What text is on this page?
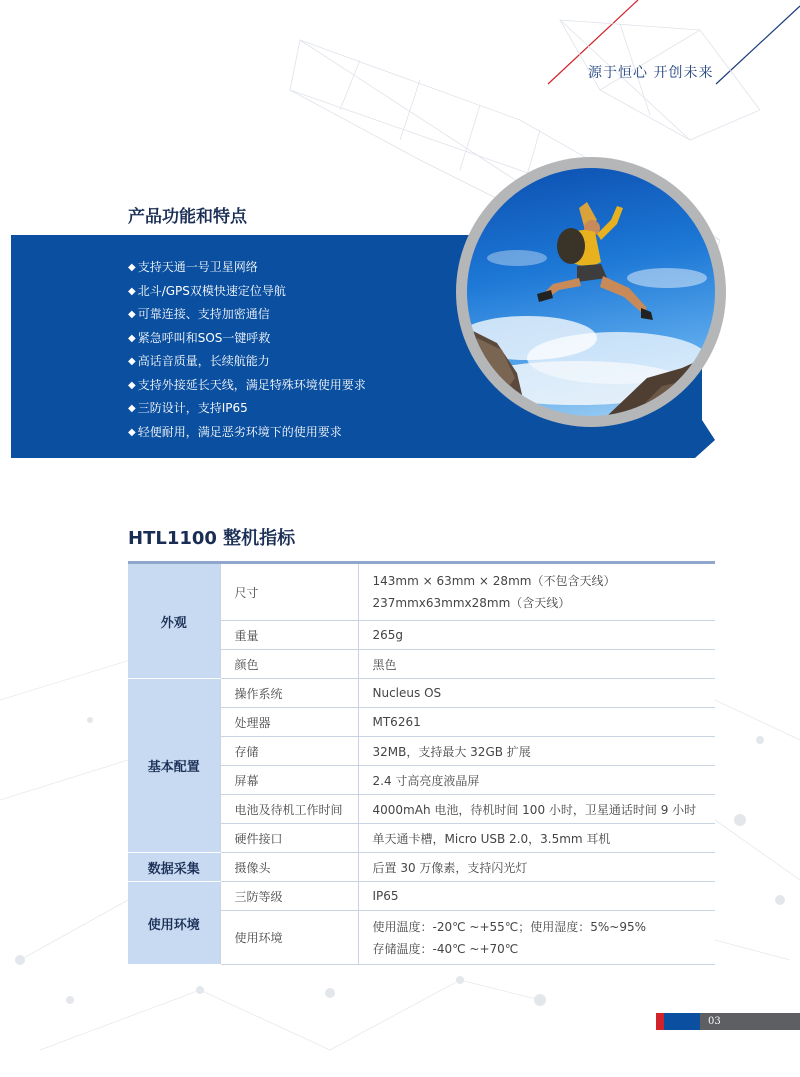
源于恒心 开创未来
产品功能和特点
◆ 支持天通一号卫星网络
◆ 北斗/GPS双模快速定位导航
◆ 可靠连接、支持加密通信
◆ 紧急呼叫和SOS一键呼救
◆ 高话音质量，长续航能力
◆ 支持外接延长天线，满足特殊环境使用要求
◆ 三防设计，支持IP65
◆ 轻便耐用，满足恶劣环境下的使用要求
HTL1100 整机指标
外观	尺寸	143mm × 63mm × 28mm（不包含天线）
237mmx63mmx28mm（含天线）

	重量	265g
	颜色	黑色
基本配置	操作系统	Nucleus OS
	处理器	MT6261
	存储	32MB，支持最大 32GB 扩展
	屏幕	2.4 寸高亮度液晶屏
	电池及待机工作时间	4000mAh 电池，待机时间 100 小时，卫星通话时间 9 小时
	硬件接口	单天通卡槽，Micro USB 2.0，3.5mm 耳机
数据采集	摄像头	后置 30 万像素，支持闪光灯
使用环境	三防等级	IP65
	使用环境	使用温度：-20℃ ~+55℃；使用湿度：5%~95%
存储温度：-40℃ ~+70℃
03
